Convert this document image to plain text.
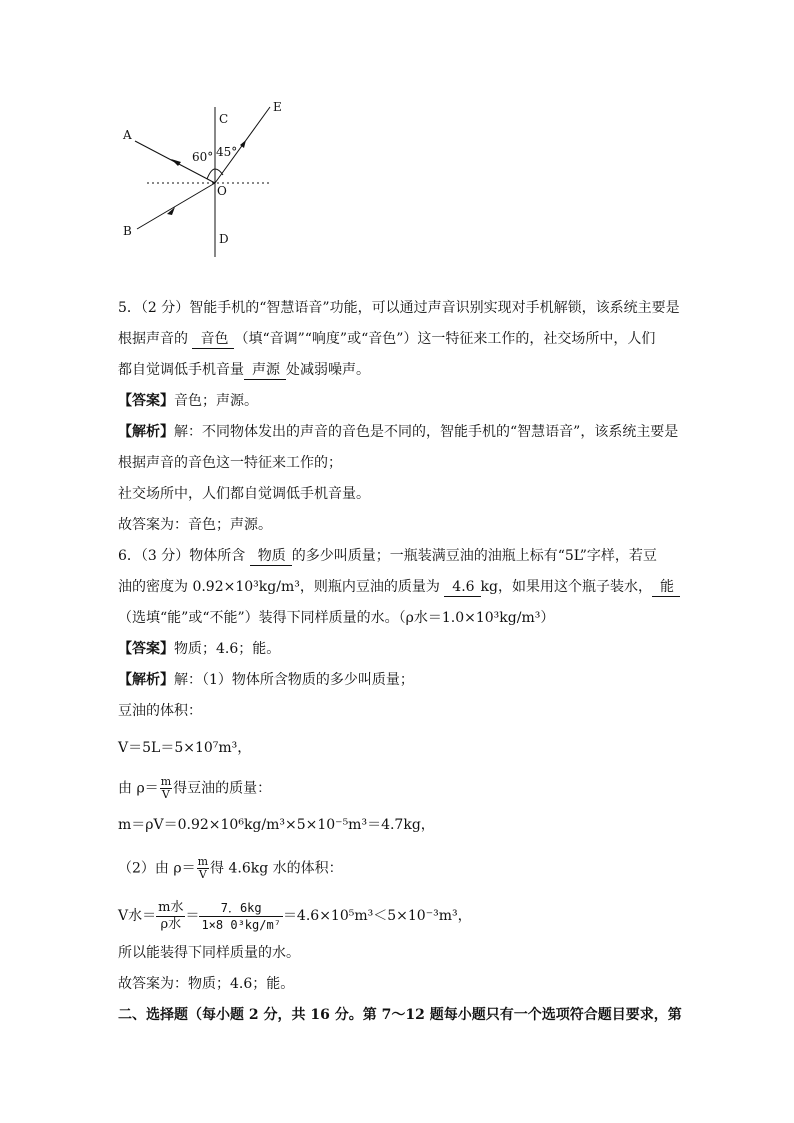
A
B
C
D
E
O
60° 45°
5．（2 分）智能手机的“智慧语音”功能，可以通过声音识别实现对手机解锁，该系统主要是
根据声音的 音色 （填“音调”“响度”或“音色”）这一特征来工作的，社交场所中，人们
都自觉调低手机音量 声源 处减弱噪声。
【答案】音色；声源。
【解析】解：不同物体发出的声音的音色是不同的，智能手机的“智慧语音”，该系统主要是
根据声音的音色这一特征来工作的；
社交场所中，人们都自觉调低手机音量。
故答案为：音色；声源。
6．（3 分）物体所含 物质 的多少叫质量；一瓶装满豆油的油瓶上标有“5L”字样，若豆
油的密度为 0.92×10³kg/m³，则瓶内豆油的质量为 4.6 kg，如果用这个瓶子装水， 能
（选填“能”或“不能”）装得下同样质量的水。（ρ水＝1.0×10³kg/m³）
【答案】物质；4.6；能。
【解析】解：（1）物体所含物质的多少叫质量；
豆油的体积：
V＝5L＝5×10⁷m³，
由 $\rho= \frac{m}{V}$ 得豆油的质量：
m＝ρV＝0.92×10⁶kg/m³×5×10⁻⁵m³＝4.7kg，
（2）由 $\rho= \frac{m}{V}$ 得 4.6kg 水的体积：
V水＝ $\frac{\text{m水}}{\text{ρ水}} = \frac{7.6kg}{\text{1×8 0³kg/m⁷}} =4.6\times 10^5m^3<5\times 10^{-3}m^3$，
所以能装得下同样质量的水。
故答案为：物质；4.6；能。
二、选择题（每小题 2 分，共 16 分。第 7～12 题每小题只有一个选项符合题目要求，第
